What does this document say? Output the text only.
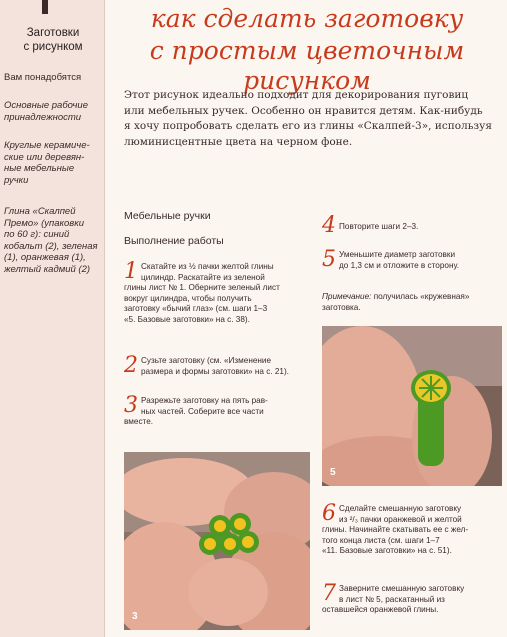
Заготовки
с рисунком
Вам понадобятся
Основные рабочие
принадлежности
Круглые керамиче-
ские или деревян-
ные мебельные
ручки
Глина «Скалпей
Премо» (упаковки
по 60 г): синий
кобальт (2), зеленая
(1), оранжевая (1),
желтый кадмий (2)
как сделать заготовку
с простым цветочным рисунком
Этот рисунок идеально подходит для декорирования пуговиц
или мебельных ручек. Особенно он нравится детям. Как-нибудь
я хочу попробовать сделать его из глины «Скалпей-3», используя
люминисцентные цвета на черном фоне.
Мебельные ручки
Выполнение работы
1 Скатайте из ½ пачки желтой глины
цилиндр. Раскатайте из зеленой
глины лист № 1. Оберните зеленый лист
вокруг цилиндра, чтобы получить
заготовку «бычий глаз» (см. шаги 1–3
«5. Базовые заготовки» на с. 38).
2 Сузьте заготовку (см. «Изменение
размера и формы заготовки» на с. 21).
3 Разрежьте заготовку на пять рав-
ных частей. Соберите все части
вместе.
3
4 Повторите шаги 2–3.
5 Уменьшите диаметр заготовки
до 1,3 см и отложите в сторону.
Примечание: получилась «кружевная»
заготовка.
5
6 Сделайте смешанную заготовку
из ²/₃ пачки оранжевой и желтой
глины. Начинайте скатывать ее с жел-
того конца листа (см. шаги 1–7
«11. Базовые заготовки» на с. 51).
7 Заверните смешанную заготовку
в лист № 5, раскатанный из
оставшейся оранжевой глины.
